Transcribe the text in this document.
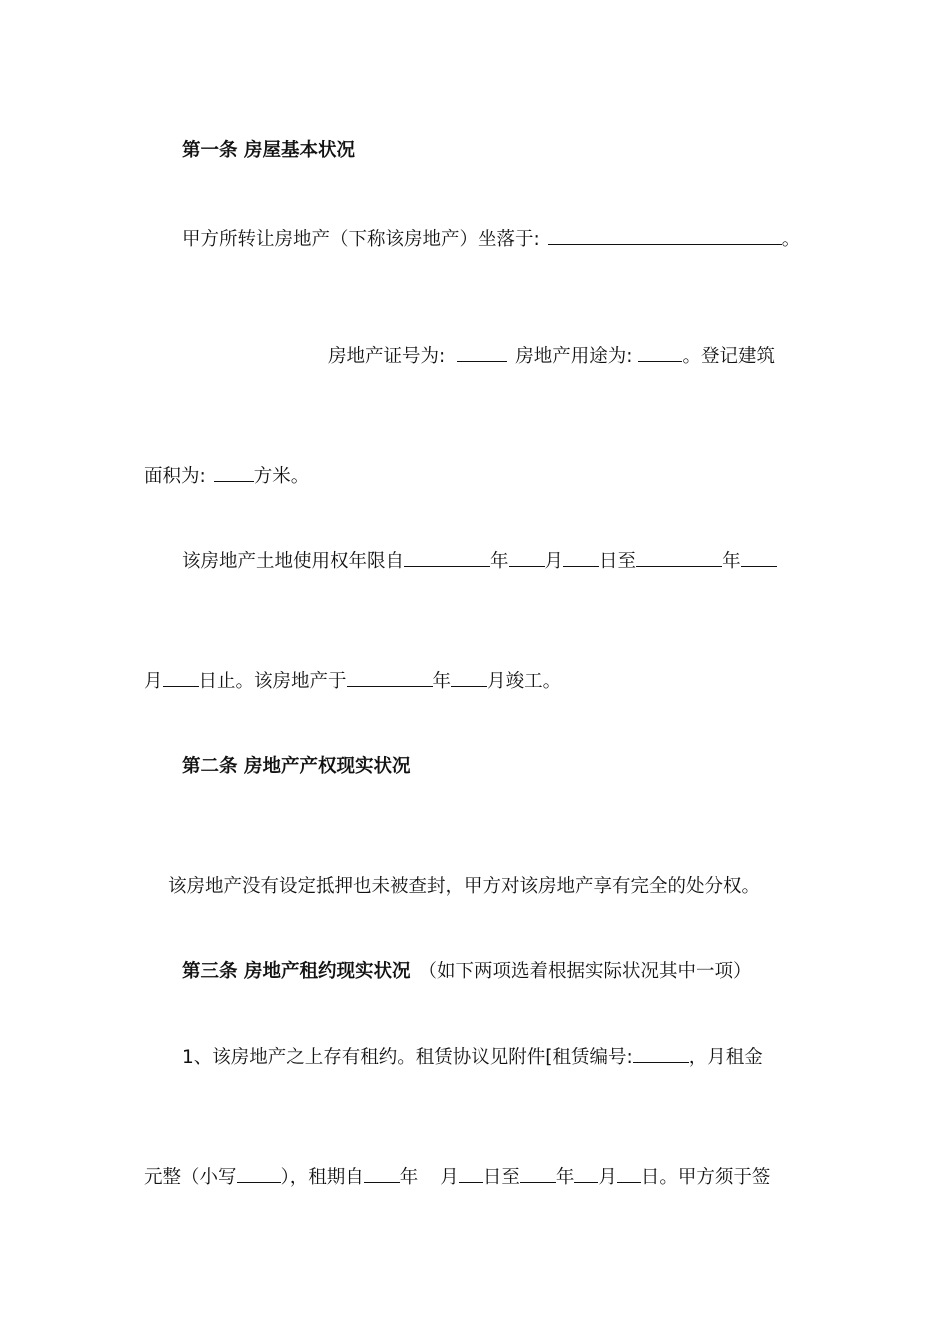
第一条 房屋基本状况
甲方所转让房地产（下称该房地产）坐落于:	。
房地产证号为:	房地产用途为:	。登记建筑
面积为:	方米。
该房地产土地使用权年限自	年 月 日至	年
月 日止。该房地产于	年 月竣工。
第二条 房地产产权现实状况
该房地产没有设定抵押也未被查封，甲方对该房地产享有完全的处分权。
第三条 房地产租约现实状况 （如下两项选着根据实际状况其中一项）
1、该房地产之上存有租约。租赁协议见附件[租赁编号:	，月租金
元整（小写 ），租期自 年 月 日至 年 月 日。甲方须于签
